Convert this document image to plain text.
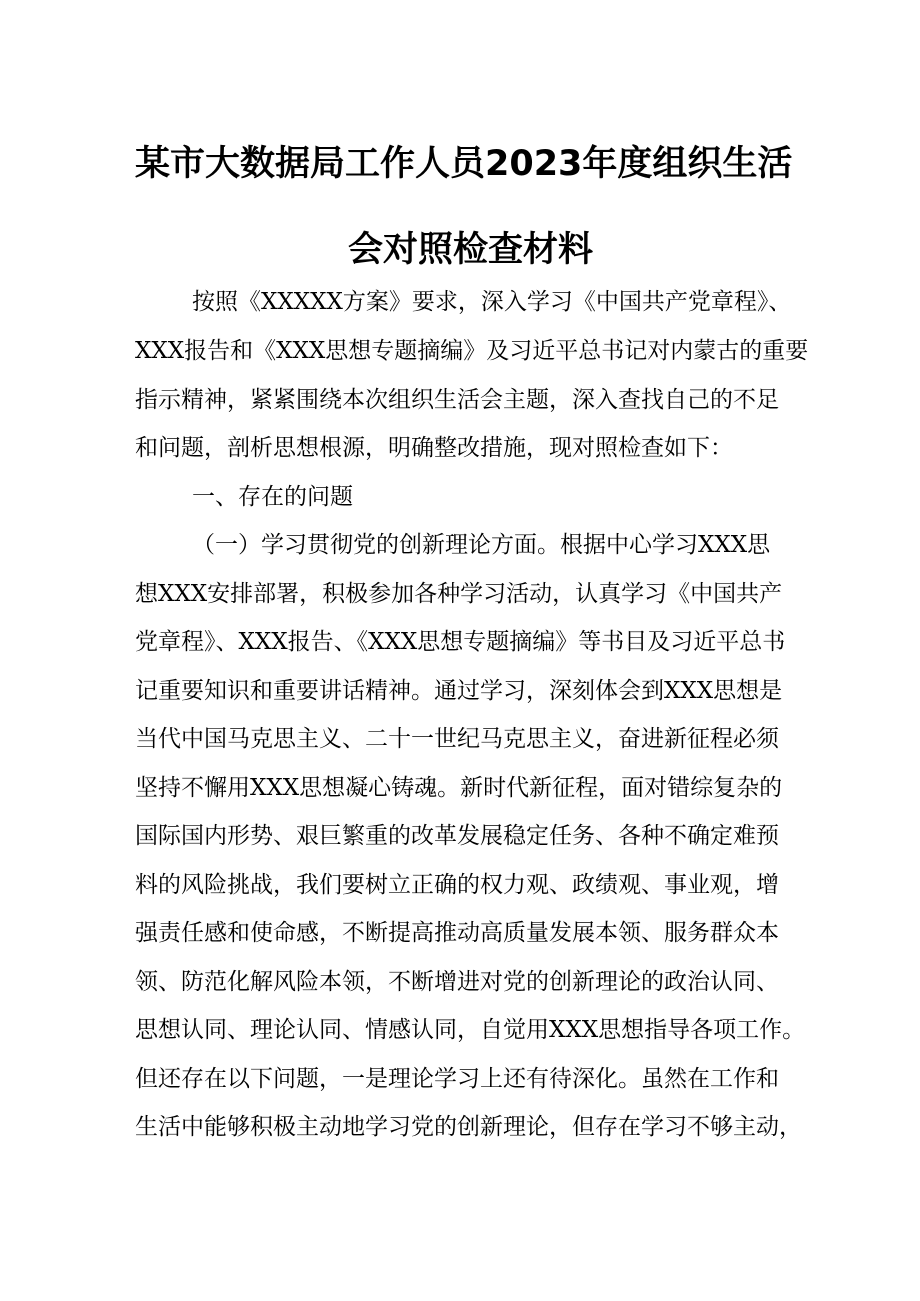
某市大数据局工作人员2023年度组织生活
会对照检查材料
按照《XXXXX方案》要求，深入学习《中国共产党章程》、
XXX报告和《XXX思想专题摘编》及习近平总书记对内蒙古的重要
指示精神，紧紧围绕本次组织生活会主题，深入查找自己的不足
和问题，剖析思想根源，明确整改措施，现对照检查如下：
一、存在的问题
（一）学习贯彻党的创新理论方面。根据中心学习XXX思
想XXX安排部署，积极参加各种学习活动，认真学习《中国共产
党章程》、XXX报告、《XXX思想专题摘编》等书目及习近平总书
记重要知识和重要讲话精神。通过学习，深刻体会到XXX思想是
当代中国马克思主义、二十一世纪马克思主义，奋进新征程必须
坚持不懈用XXX思想凝心铸魂。新时代新征程，面对错综复杂的
国际国内形势、艰巨繁重的改革发展稳定任务、各种不确定难预
料的风险挑战，我们要树立正确的权力观、政绩观、事业观，增
强责任感和使命感，不断提高推动高质量发展本领、服务群众本
领、防范化解风险本领，不断增进对党的创新理论的政治认同、
思想认同、理论认同、情感认同，自觉用XXX思想指导各项工作。
但还存在以下问题，一是理论学习上还有待深化。虽然在工作和
生活中能够积极主动地学习党的创新理论，但存在学习不够主动，
